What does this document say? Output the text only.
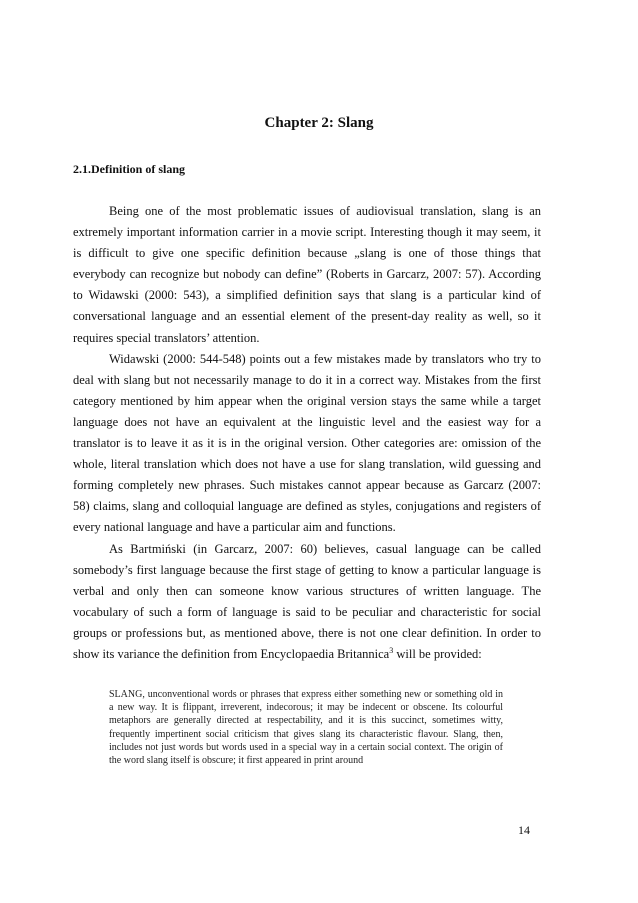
Chapter 2: Slang
2.1.Definition of slang

Being one of the most problematic issues of audiovisual translation, slang is an extremely important information carrier in a movie script. Interesting though it may seem, it is difficult to give one specific definition because „slang is one of those things that everybody can recognize but nobody can define” (Roberts in Garcarz, 2007: 57). According to Widawski (2000: 543), a simplified definition says that slang is a particular kind of conversational language and an essential element of the present-day reality as well, so it requires special translators’ attention.

Widawski (2000: 544-548) points out a few mistakes made by translators who try to deal with slang but not necessarily manage to do it in a correct way. Mistakes from the first category mentioned by him appear when the original version stays the same while a target language does not have an equivalent at the linguistic level and the easiest way for a translator is to leave it as it is in the original version. Other categories are: omission of the whole, literal translation which does not have a use for slang translation, wild guessing and forming completely new phrases. Such mistakes cannot appear because as Garcarz (2007: 58) claims, slang and colloquial language are defined as styles, conjugations and registers of every national language and have a particular aim and functions.

As Bartmiński (in Garcarz, 2007: 60) believes, casual language can be called somebody’s first language because the first stage of getting to know a particular language is verbal and only then can someone know various structures of written language. The vocabulary of such a form of language is said to be peculiar and characteristic for social groups or professions but, as mentioned above, there is not one clear definition. In order to show its variance the definition from Encyclopaedia Britannica$^3$ will be provided:

SLANG, unconventional words or phrases that express either something new or something old in a new way. It is flippant, irreverent, indecorous; it may be indecent or obscene. Its colourful metaphors are generally directed at respectability, and it is this succinct, sometimes witty, frequently impertinent social criticism that gives slang its characteristic flavour. Slang, then, includes not just words but words used in a special way in a certain social context. The origin of the word slang itself is obscure; it first appeared in print around

14
